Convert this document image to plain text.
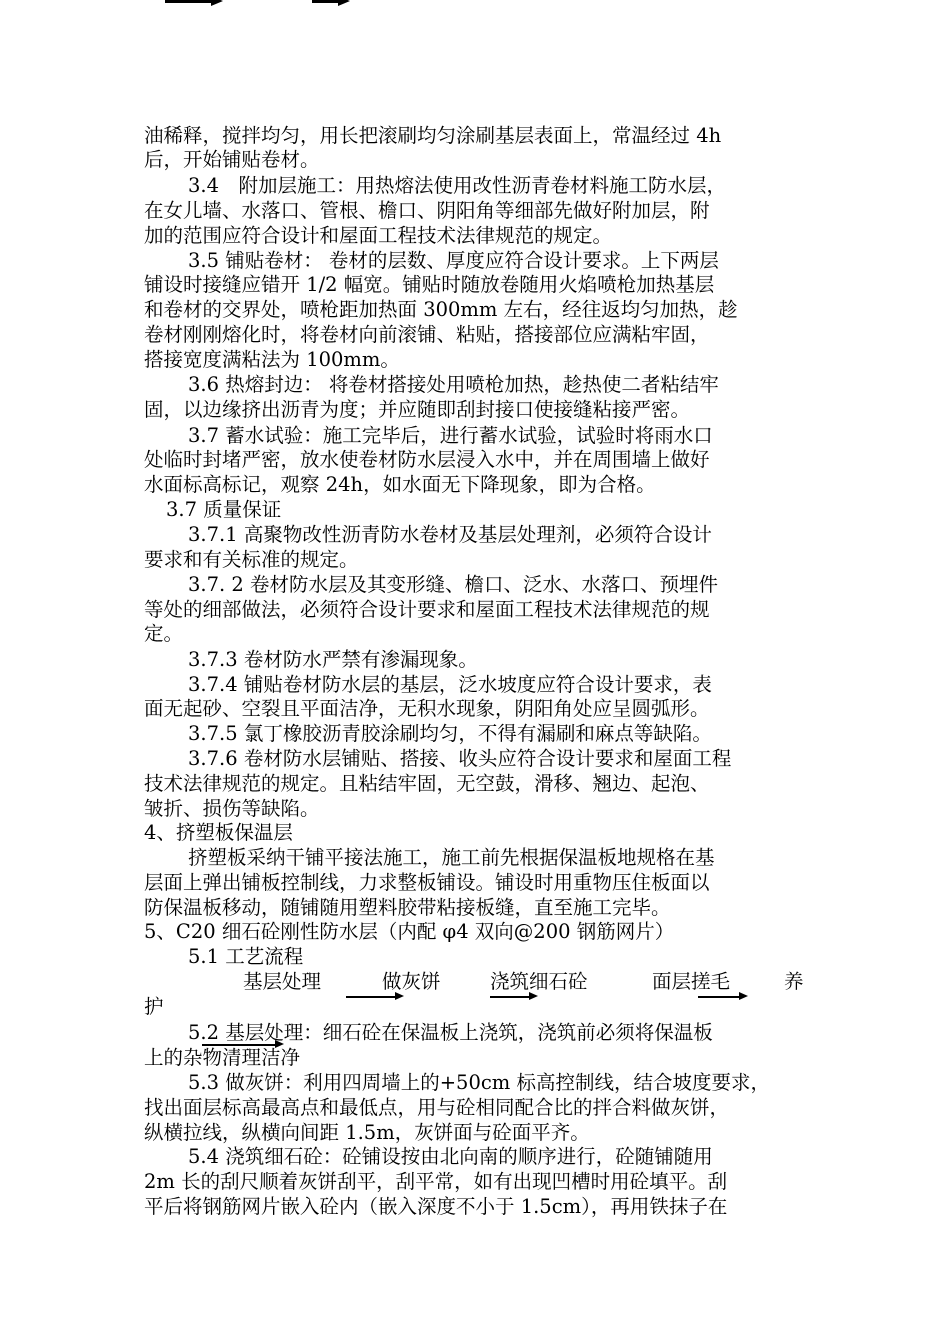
油稀释，搅拌均匀，用长把滚刷均匀涂刷基层表面上，常温经过 4h
后，开始铺贴卷材。
3.4　附加层施工：用热熔法使用改性沥青卷材料施工防水层，
在女儿墙、水落口、管根、檐口、阴阳角等细部先做好附加层，附
加的范围应符合设计和屋面工程技术法律规范的规定。
3.5 铺贴卷材： 卷材的层数、厚度应符合设计要求。上下两层
铺设时接缝应错开 1/2 幅宽。铺贴时随放卷随用火焰喷枪加热基层
和卷材的交界处，喷枪距加热面 300mm 左右，经往返均匀加热，趁
卷材刚刚熔化时，将卷材向前滚铺、粘贴，搭接部位应满粘牢固，
搭接宽度满粘法为 100mm。
3.6 热熔封边： 将卷材搭接处用喷枪加热，趁热使二者粘结牢
固，以边缘挤出沥青为度；并应随即刮封接口使接缝粘接严密。
3.7 蓄水试验：施工完毕后，进行蓄水试验，试验时将雨水口
处临时封堵严密，放水使卷材防水层浸入水中，并在周围墙上做好
水面标高标记，观察 24h，如水面无下降现象，即为合格。
3.7 质量保证
3.7.1 高聚物改性沥青防水卷材及基层处理剂，必须符合设计
要求和有关标准的规定。
3.7. 2 卷材防水层及其变形缝、檐口、泛水、水落口、预埋件
等处的细部做法，必须符合设计要求和屋面工程技术法律规范的规
定。
3.7.3 卷材防水严禁有渗漏现象。
3.7.4 铺贴卷材防水层的基层，泛水坡度应符合设计要求，表
面无起砂、空裂且平面洁净，无积水现象，阴阳角处应呈圆弧形。
3.7.5 氯丁橡胶沥青胶涂刷均匀，不得有漏刷和麻点等缺陷。
3.7.6 卷材防水层铺贴、搭接、收头应符合设计要求和屋面工程
技术法律规范的规定。且粘结牢固，无空鼓，滑移、翘边、起泡、
皱折、损伤等缺陷。
4、挤塑板保温层
挤塑板采纳干铺平接法施工，施工前先根据保温板地规格在基
层面上弹出铺板控制线，力求整板铺设。铺设时用重物压住板面以
防保温板移动，随铺随用塑料胶带粘接板缝，直至施工完毕。
5、C20 细石砼刚性防水层（内配 φ4 双向@200 钢筋网片）
5.1 工艺流程
护
5.2 基层处理：细石砼在保温板上浇筑，浇筑前必须将保温板
上的杂物清理洁净
5.3 做灰饼：利用四周墙上的+50cm 标高控制线，结合坡度要求，
找出面层标高最高点和最低点，用与砼相同配合比的拌合料做灰饼，
纵横拉线，纵横向间距 1.5m，灰饼面与砼面平齐。
5.4 浇筑细石砼：砼铺设按由北向南的顺序进行，砼随铺随用
2m 长的刮尺顺着灰饼刮平，刮平常，如有出现凹槽时用砼填平。刮
平后将钢筋网片嵌入砼内（嵌入深度不小于 1.5cm），再用铁抹子在
基层处理	做灰饼	浇筑细石砼	面层搓毛	养
